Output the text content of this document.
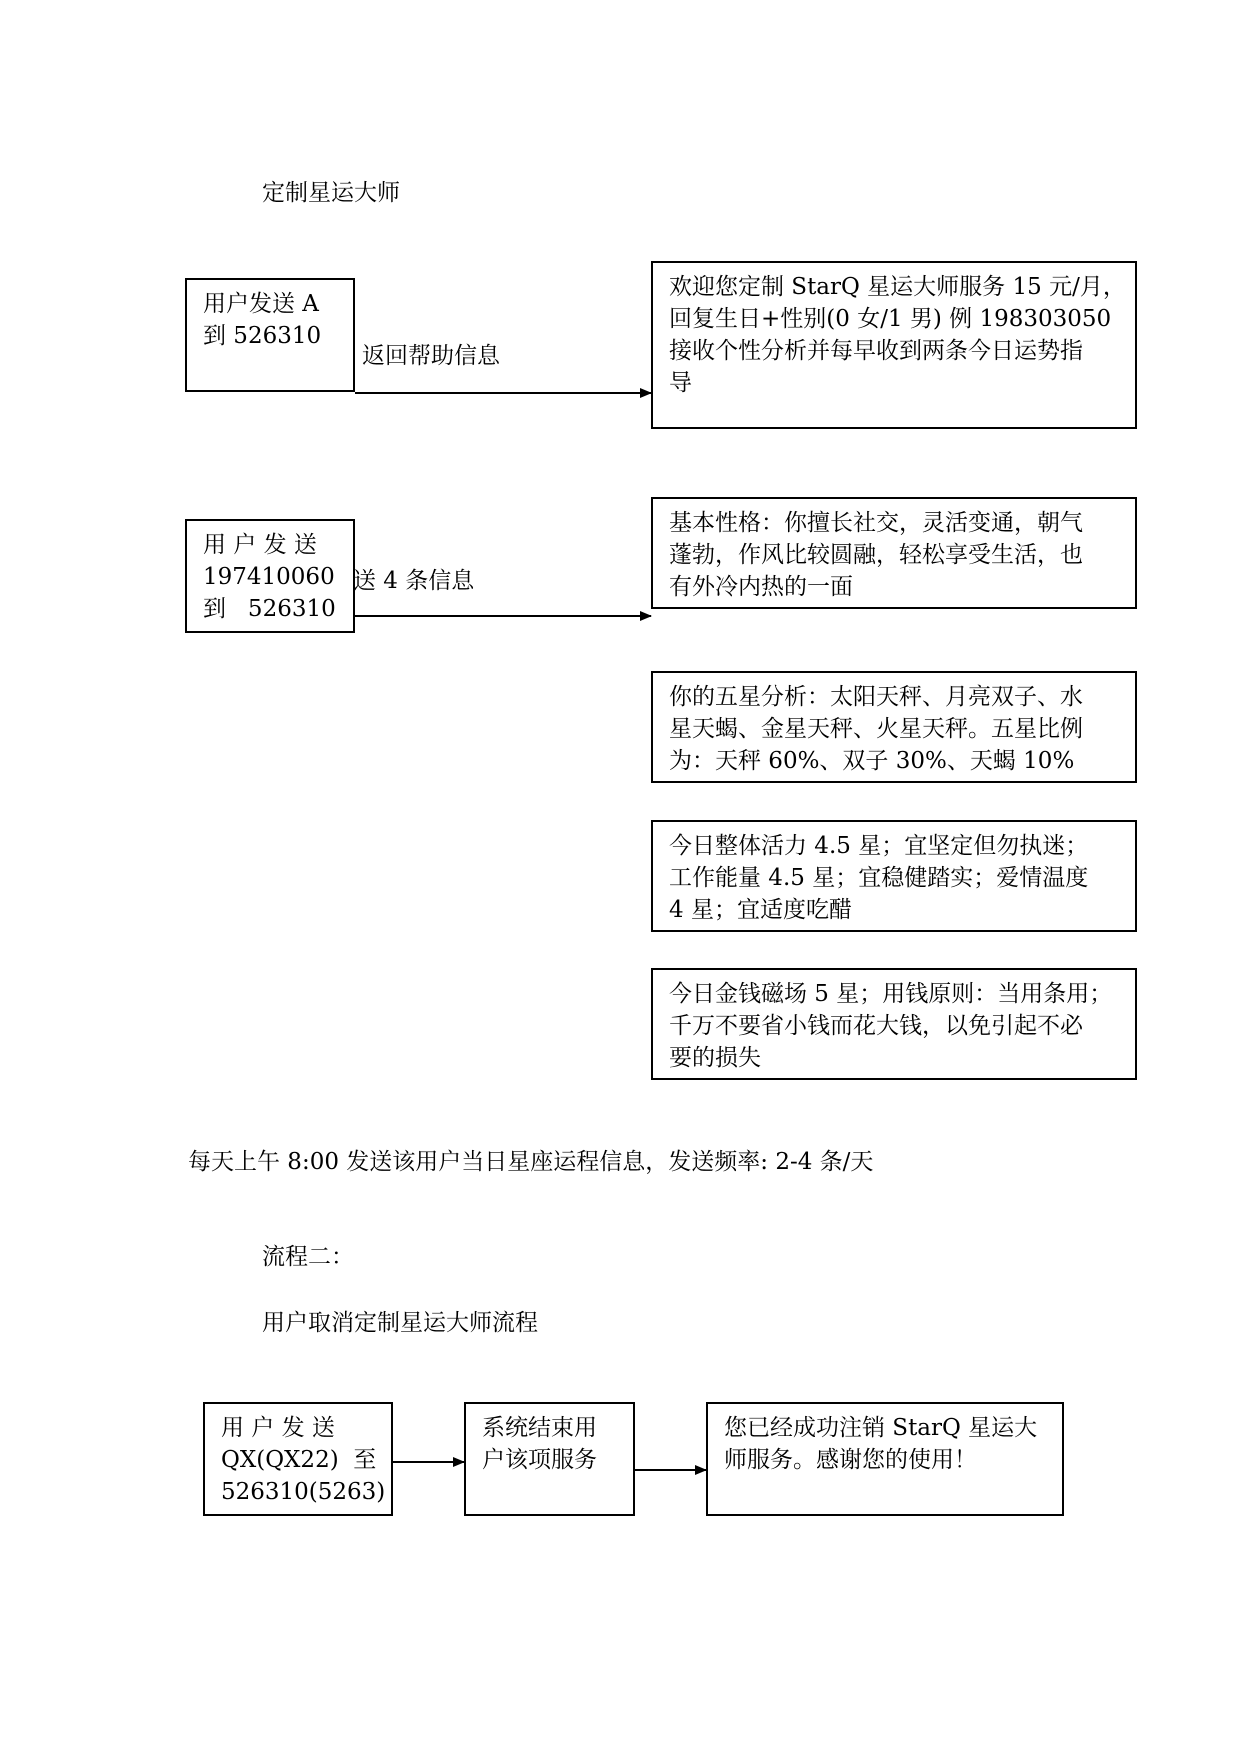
定制星运大师
用户发送 A
到 526310
返回帮助信息
欢迎您定制 StarQ 星运大师服务 15 元/月，
回复生日+性别(0 女/1 男) 例 198303050
接收个性分析并每早收到两条今日运势指
导
用 户 发 送
197410060
到   526310
送 4 条信息
基本性格：你擅长社交，灵活变通，朝气
蓬勃，作风比较圆融，轻松享受生活，也
有外冷内热的一面
你的五星分析：太阳天秤、月亮双子、水
星天蝎、金星天秤、火星天秤。五星比例
为：天秤 60%、双子 30%、天蝎 10%
今日整体活力 4.5 星；宜坚定但勿执迷；
工作能量 4.5 星；宜稳健踏实；爱情温度
4 星；宜适度吃醋
今日金钱磁场 5 星；用钱原则：当用条用；
千万不要省小钱而花大钱，以免引起不必
要的损失
每天上午 8:00 发送该用户当日星座运程信息，发送频率: 2-4 条/天
流程二：
用户取消定制星运大师流程
用 户 发 送
QX(QX22)  至
526310(5263)
系统结束用
户该项服务
您已经成功注销 StarQ 星运大
师服务。感谢您的使用！
